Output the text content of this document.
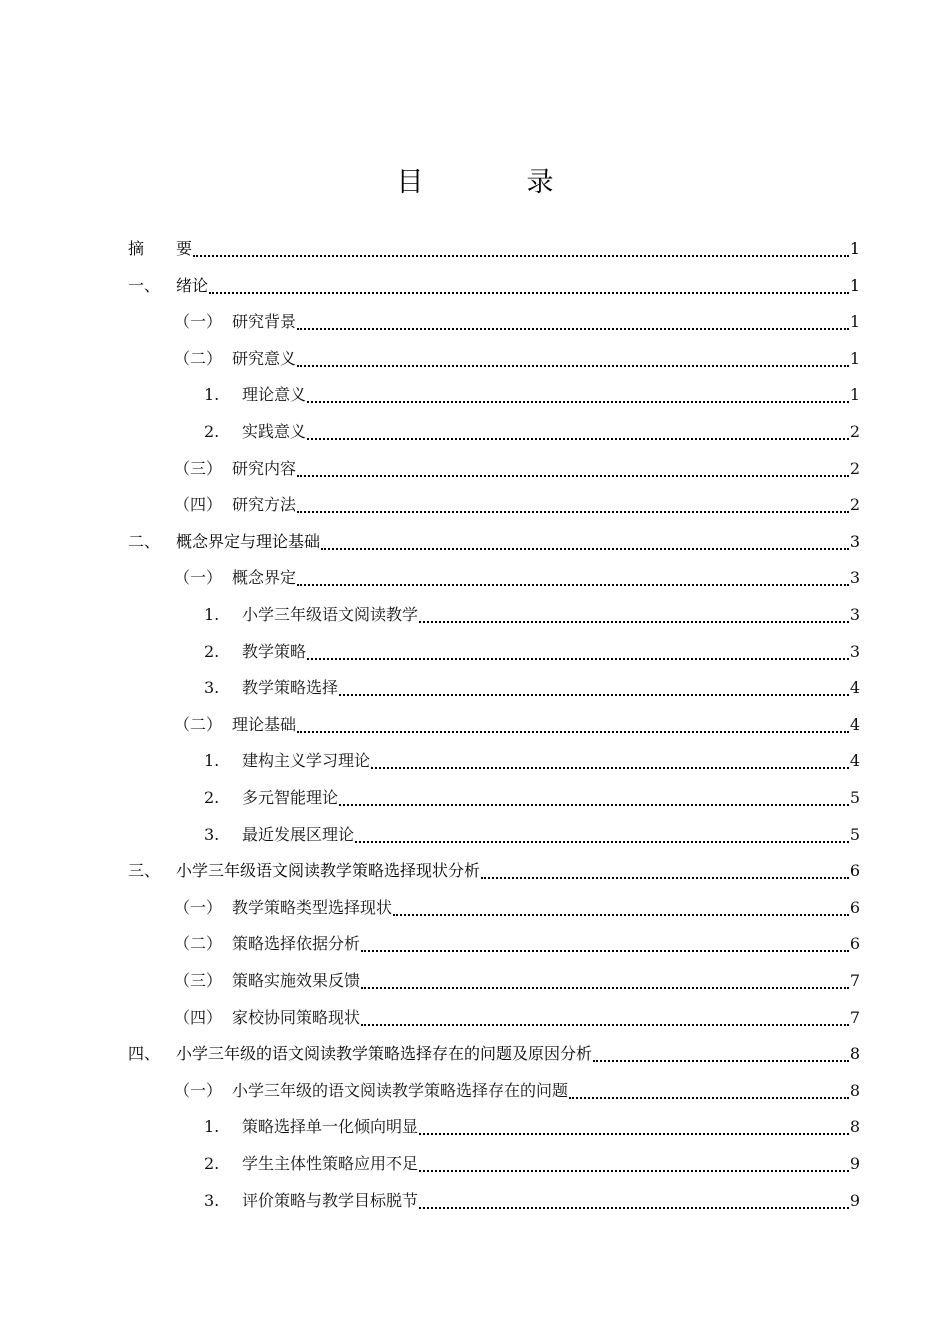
目　录
摘　 要	1
一、 绪论	1
（一） 研究背景	1
（二） 研究意义	1
1.	理论意义	1
2.	实践意义	2
（三） 研究内容	2
（四） 研究方法	2
二、 概念界定与理论基础	3
（一） 概念界定	3
1.	小学三年级语文阅读教学	3
2.	教学策略	3
3.	教学策略选择	4
（二） 理论基础	4
1.	建构主义学习理论	4
2.	多元智能理论	5
3.	最近发展区理论	5
三、 小学三年级语文阅读教学策略选择现状分析	6
（一） 教学策略类型选择现状	6
（二） 策略选择依据分析	6
（三） 策略实施效果反馈	7
（四） 家校协同策略现状	7
四、 小学三年级的语文阅读教学策略选择存在的问题及原因分析	8
（一） 小学三年级的语文阅读教学策略选择存在的问题	8
1.	策略选择单一化倾向明显	8
2.	学生主体性策略应用不足	9
3.	评价策略与教学目标脱节	9
